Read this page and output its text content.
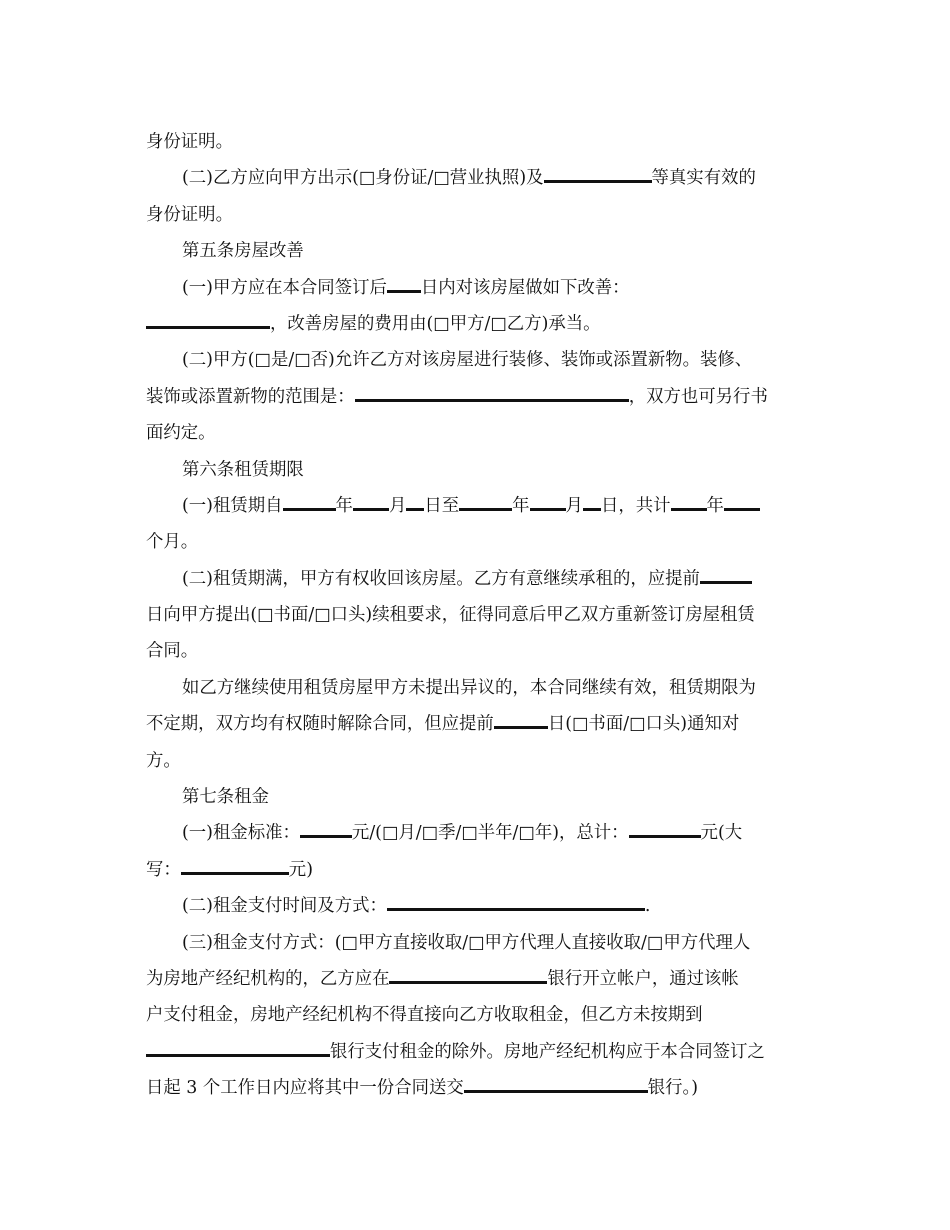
身份证明。
(二)乙方应向甲方出示(□身份证/□营业执照)及	等真实有效的
身份证明。
第五条房屋改善
(一)甲方应在本合同签订后 日内对该房屋做如下改善：
，改善房屋的费用由(□甲方/□乙方)承当。
(二)甲方(□是/□否)允许乙方对该房屋进行装修、装饰或添置新物。装修、
装饰或添置新物的范围是：	，双方也可另行书
面约定。
第六条租赁期限
(一)租赁期自	年 月 日至	年 月 日，共计 年
个月。
(二)租赁期满，甲方有权收回该房屋。乙方有意继续承租的，应提前
日向甲方提出(□书面/□口头)续租要求，征得同意后甲乙双方重新签订房屋租赁
合同。
如乙方继续使用租赁房屋甲方未提出异议的，本合同继续有效，租赁期限为
不定期，双方均有权随时解除合同，但应提前	日(□书面/□口头)通知对
方。
第七条租金
(一)租金标准：	元/(□月/□季/□半年/□年)，总计：	元(大
写：	元)
(二)租金支付时间及方式：	.
(三)租金支付方式：(□甲方直接收取/□甲方代理人直接收取/□甲方代理人
为房地产经纪机构的，乙方应在	银行开立帐户，通过该帐
户支付租金，房地产经纪机构不得直接向乙方收取租金，但乙方未按期到
银行支付租金的除外。房地产经纪机构应于本合同签订之
日起 3 个工作日内应将其中一份合同送交	银行。)
